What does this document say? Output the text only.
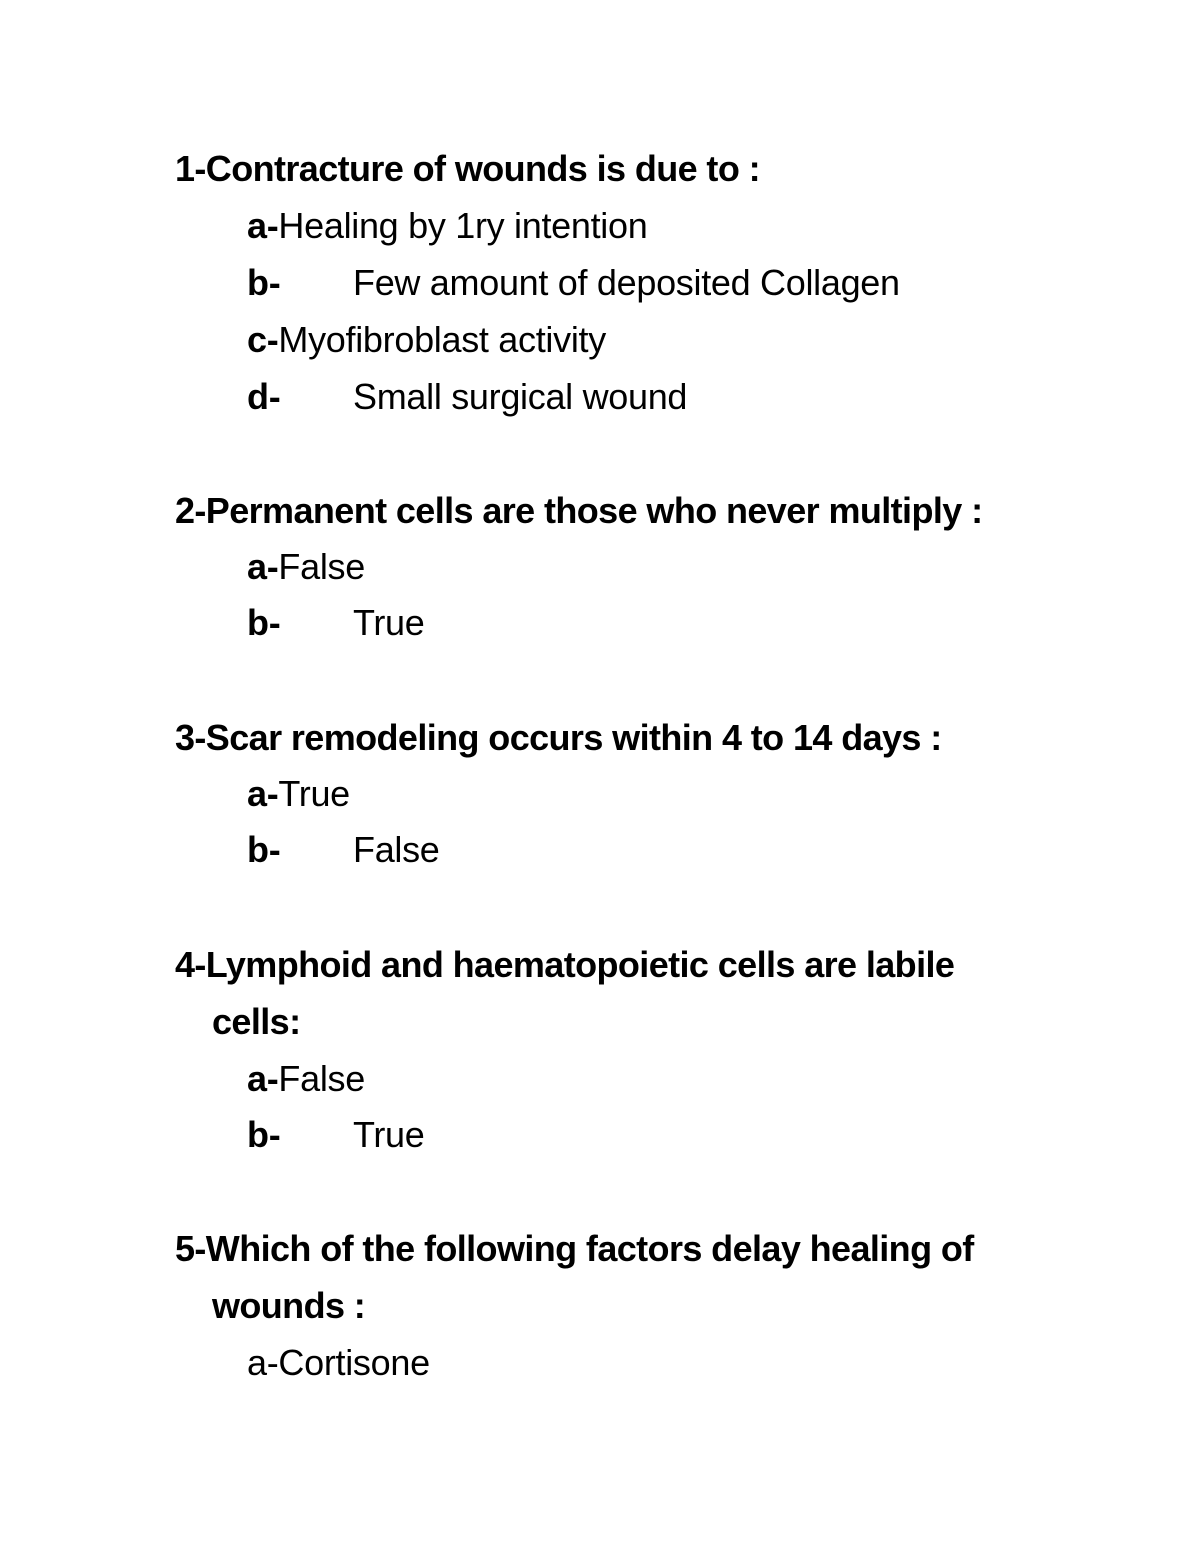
1-Contracture of wounds is due to :
a-Healing by 1ry intention
b- Few amount of deposited Collagen
c-Myofibroblast activity
d- Small surgical wound
2-Permanent cells are those who never multiply :
a-False
b- True
3-Scar remodeling occurs within 4 to 14 days :
a-True
b- False
4-Lymphoid and haematopoietic cells are labile
cells:
a-False
b- True
5-Which of the following factors delay healing of
wounds :
a-Cortisone
